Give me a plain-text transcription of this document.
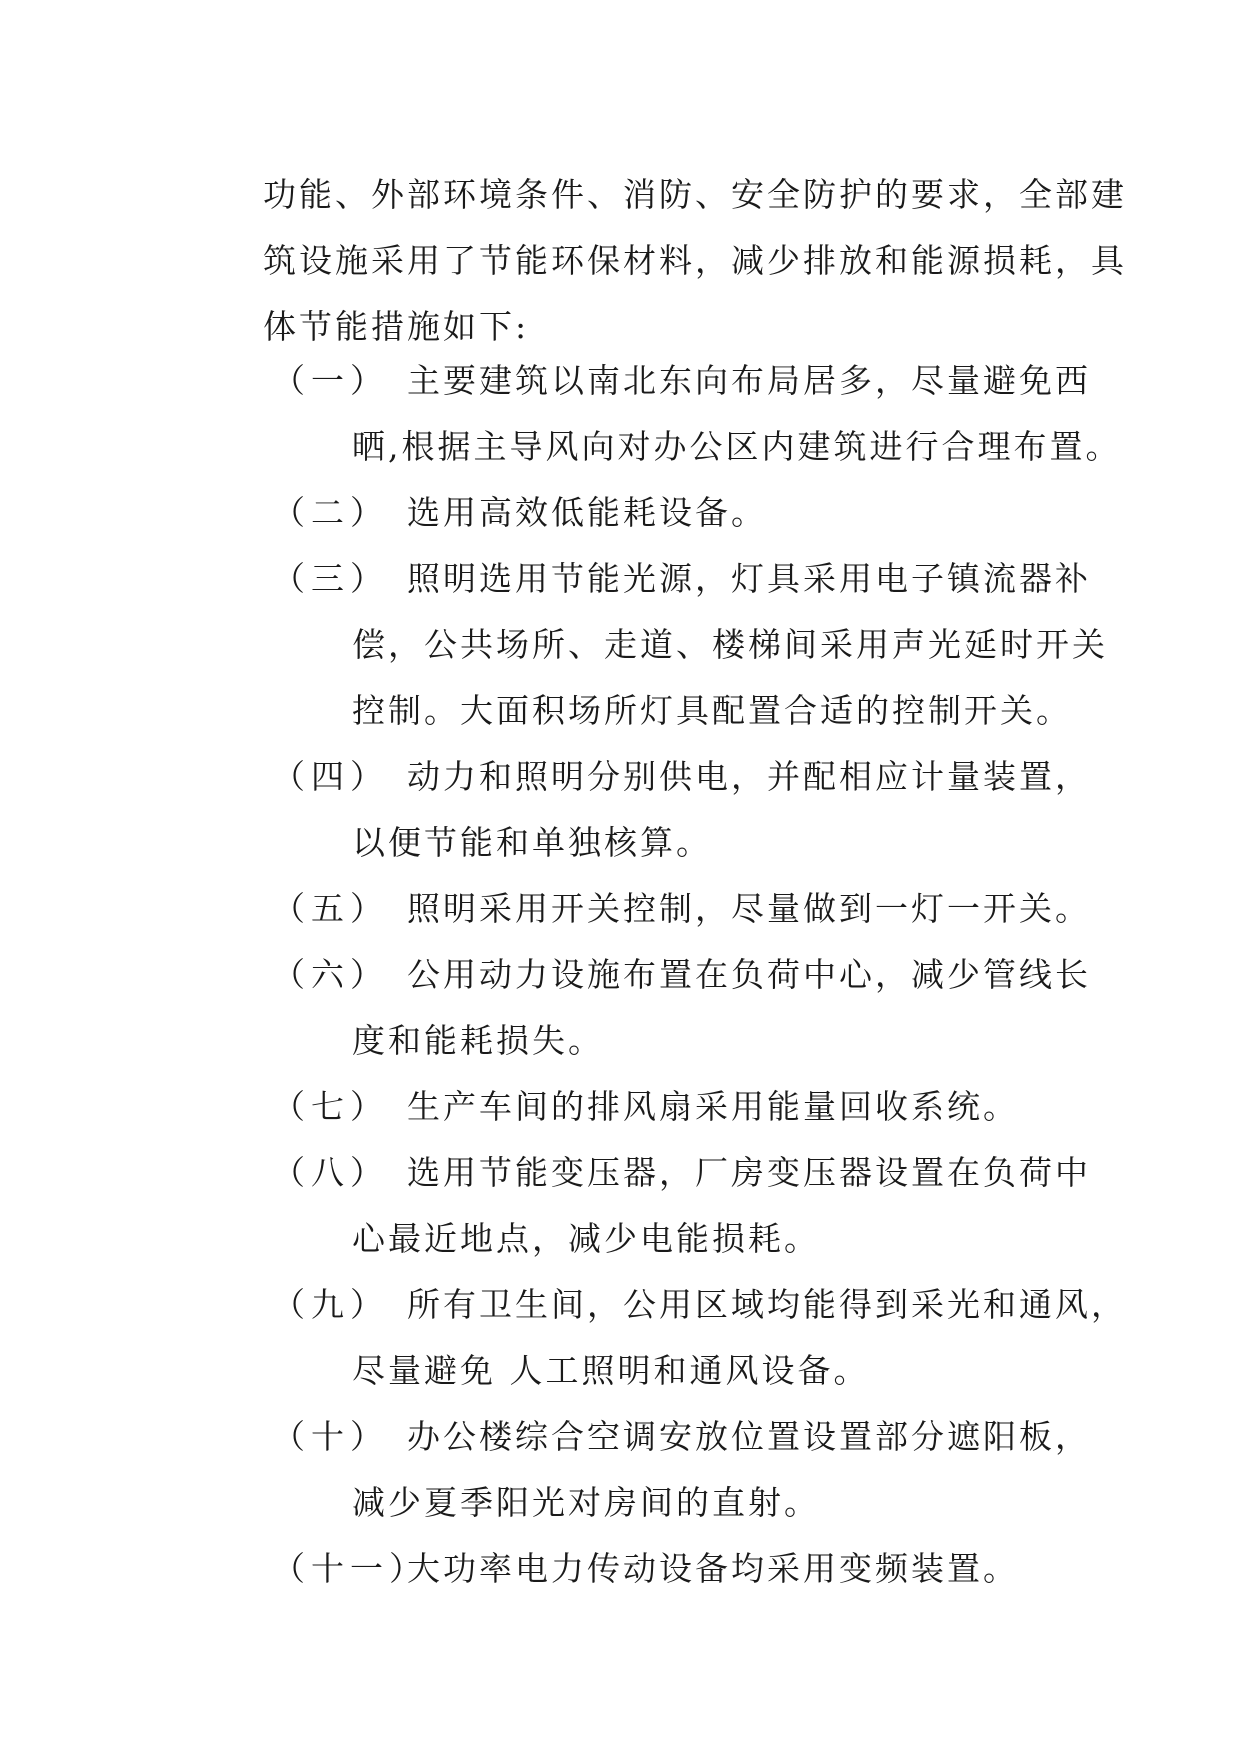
功能、外部环境条件、消防、安全防护的要求，全部建
筑设施采用了节能环保材料，减少排放和能源损耗，具
体节能措施如下:
（一） 主要建筑以南北东向布局居多，尽量避免西
晒,根据主导风向对办公区内建筑进行合理布置。
（二） 选用高效低能耗设备。
（三） 照明选用节能光源，灯具采用电子镇流器补
偿，公共场所、走道、楼梯间采用声光延时开关
控制。大面积场所灯具配置合适的控制开关。
（四） 动力和照明分别供电，并配相应计量装置，
以便节能和单独核算。
（五） 照明采用开关控制，尽量做到一灯一开关。
（六） 公用动力设施布置在负荷中心，减少管线长
度和能耗损失。
（七） 生产车间的排风扇采用能量回收系统。
（八） 选用节能变压器，厂房变压器设置在负荷中
心最近地点，减少电能损耗。
（九） 所有卫生间，公用区域均能得到采光和通风，
尽量避免 人工照明和通风设备。
（十） 办公楼综合空调安放位置设置部分遮阳板，
减少夏季阳光对房间的直射。
（十一）
大功率电力传动设备均采用变频装置。
